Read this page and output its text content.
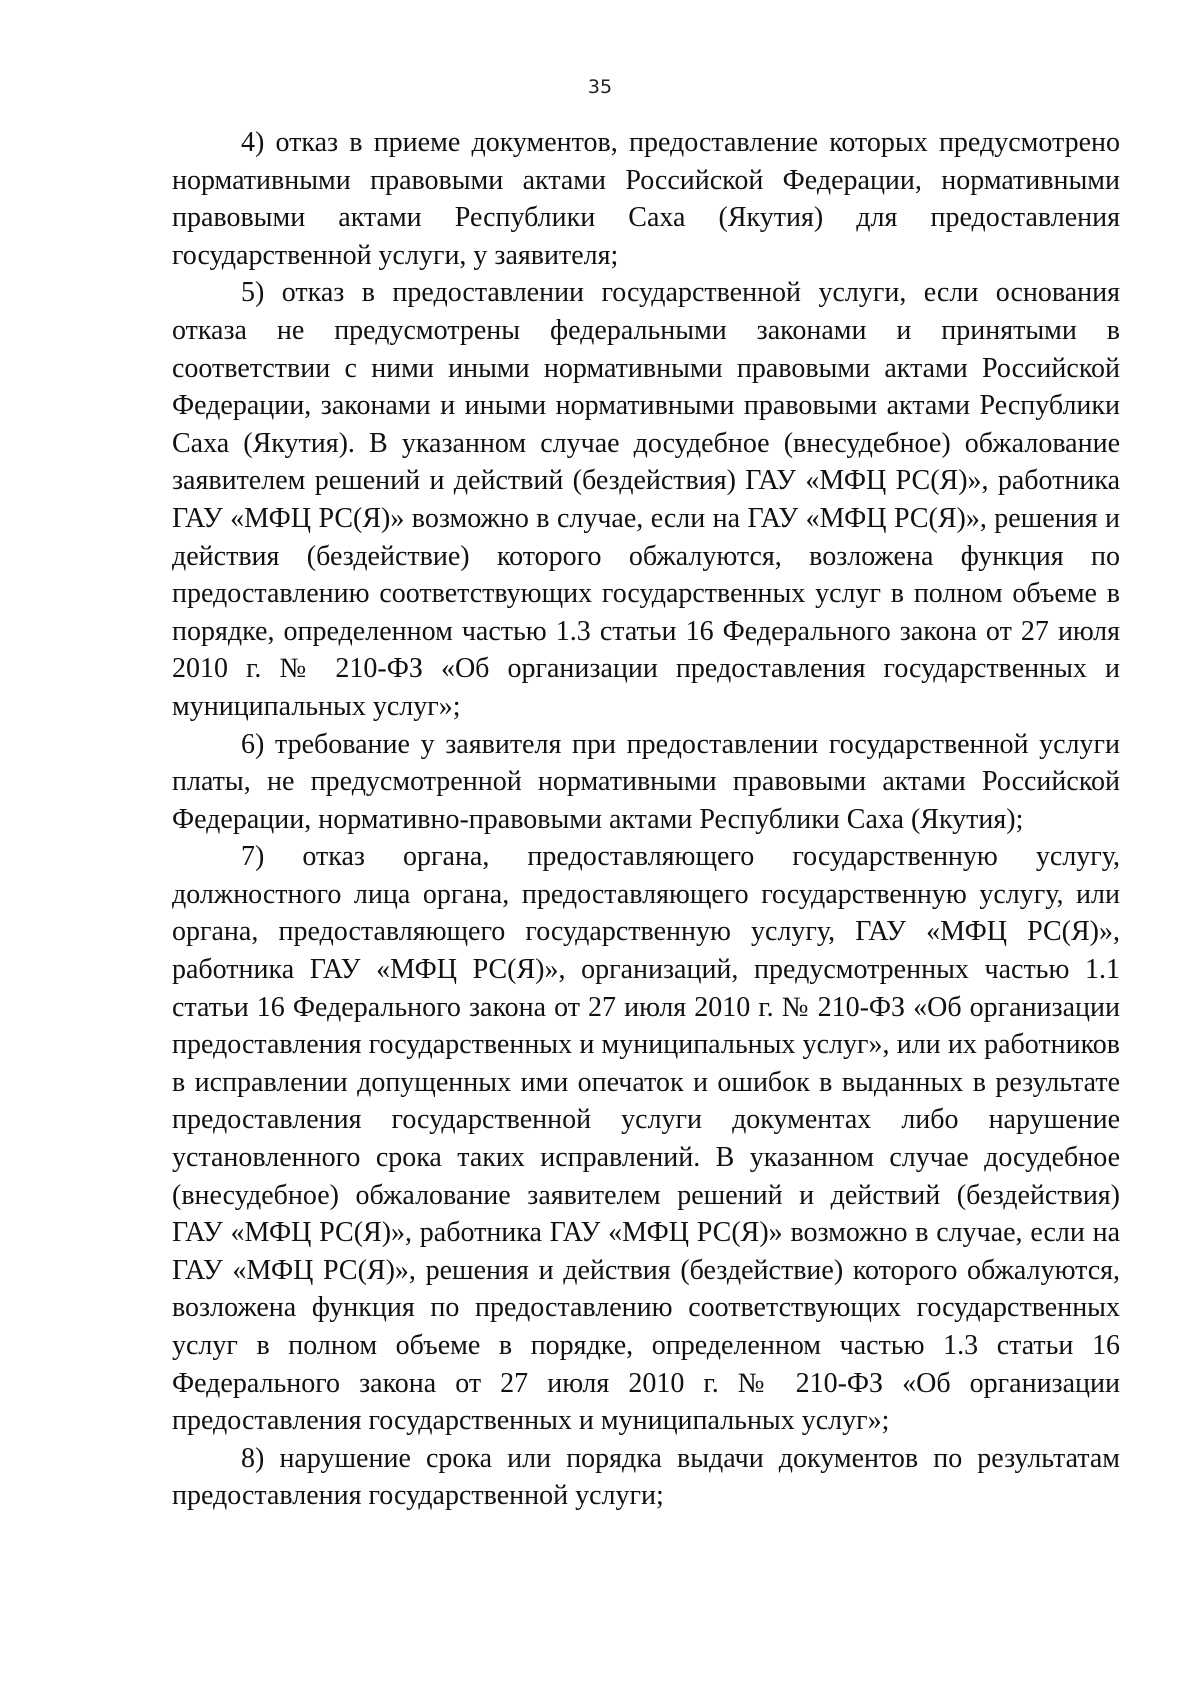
35

4) отказ в приеме документов, предоставление которых предусмотрено нормативными правовыми актами Российской Федерации, нормативными правовыми актами Республики Саха (Якутия) для предоставления государственной услуги, у заявителя;

5) отказ в предоставлении государственной услуги, если основания отказа не предусмотрены федеральными законами и принятыми в соответствии с ними иными нормативными правовыми актами Российской Федерации, законами и иными нормативными правовыми актами Республики Саха (Якутия). В указанном случае досудебное (внесудебное) обжалование заявителем решений и действий (бездействия) ГАУ «МФЦ РС(Я)», работника ГАУ «МФЦ РС(Я)» возможно в случае, если на ГАУ «МФЦ РС(Я)», решения и действия (бездействие) которого обжалуются, возложена функция по предоставлению соответствующих государственных услуг в полном объеме в порядке, определенном частью 1.3 статьи 16 Федерального закона от 27 июля 2010 г. № 210-ФЗ «Об организации предоставления государственных и муниципальных услуг»;

6) требование у заявителя при предоставлении государственной услуги платы, не предусмотренной нормативными правовыми актами Российской Федерации, нормативно-правовыми актами Республики Саха (Якутия);

7) отказ органа, предоставляющего государственную услугу, должностного лица органа, предоставляющего государственную услугу, или органа, предоставляющего государственную услугу, ГАУ «МФЦ РС(Я)», работника ГАУ «МФЦ РС(Я)», организаций, предусмотренных частью 1.1 статьи 16 Федерального закона от 27 июля 2010 г. № 210-ФЗ «Об организации предоставления государственных и муниципальных услуг», или их работников в исправлении допущенных ими опечаток и ошибок в выданных в результате предоставления государственной услуги документах либо нарушение установленного срока таких исправлений. В указанном случае досудебное (внесудебное) обжалование заявителем решений и действий (бездействия) ГАУ «МФЦ РС(Я)», работника ГАУ «МФЦ РС(Я)» возможно в случае, если на ГАУ «МФЦ РС(Я)», решения и действия (бездействие) которого обжалуются, возложена функция по предоставлению соответствующих государственных услуг в полном объеме в порядке, определенном частью 1.3 статьи 16 Федерального закона от 27 июля 2010 г. № 210-ФЗ «Об организации предоставления государственных и муниципальных услуг»;

8) нарушение срока или порядка выдачи документов по результатам предоставления государственной услуги;
